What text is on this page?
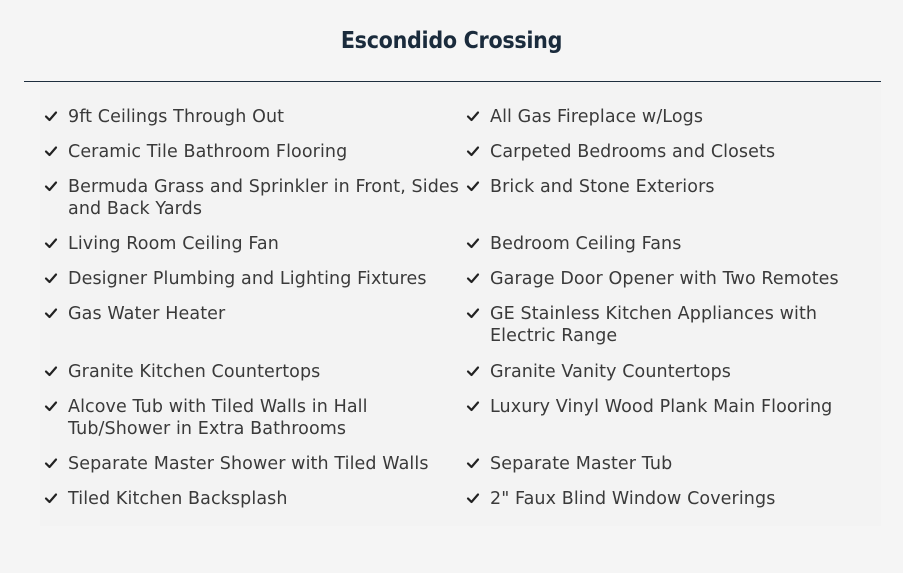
Escondido Crossing
9ft Ceilings Through Out
Ceramic Tile Bathroom Flooring
Bermuda Grass and Sprinkler in Front, Sides and Back Yards
Living Room Ceiling Fan
Designer Plumbing and Lighting Fixtures
Gas Water Heater
Granite Kitchen Countertops
Alcove Tub with Tiled Walls in Hall Tub/Shower in Extra Bathrooms
Separate Master Shower with Tiled Walls
Tiled Kitchen Backsplash
All Gas Fireplace w/Logs
Carpeted Bedrooms and Closets
Brick and Stone Exteriors
Bedroom Ceiling Fans
Garage Door Opener with Two Remotes
GE Stainless Kitchen Appliances with Electric Range
Granite Vanity Countertops
Luxury Vinyl Wood Plank Main Flooring
Separate Master Tub
2" Faux Blind Window Coverings
